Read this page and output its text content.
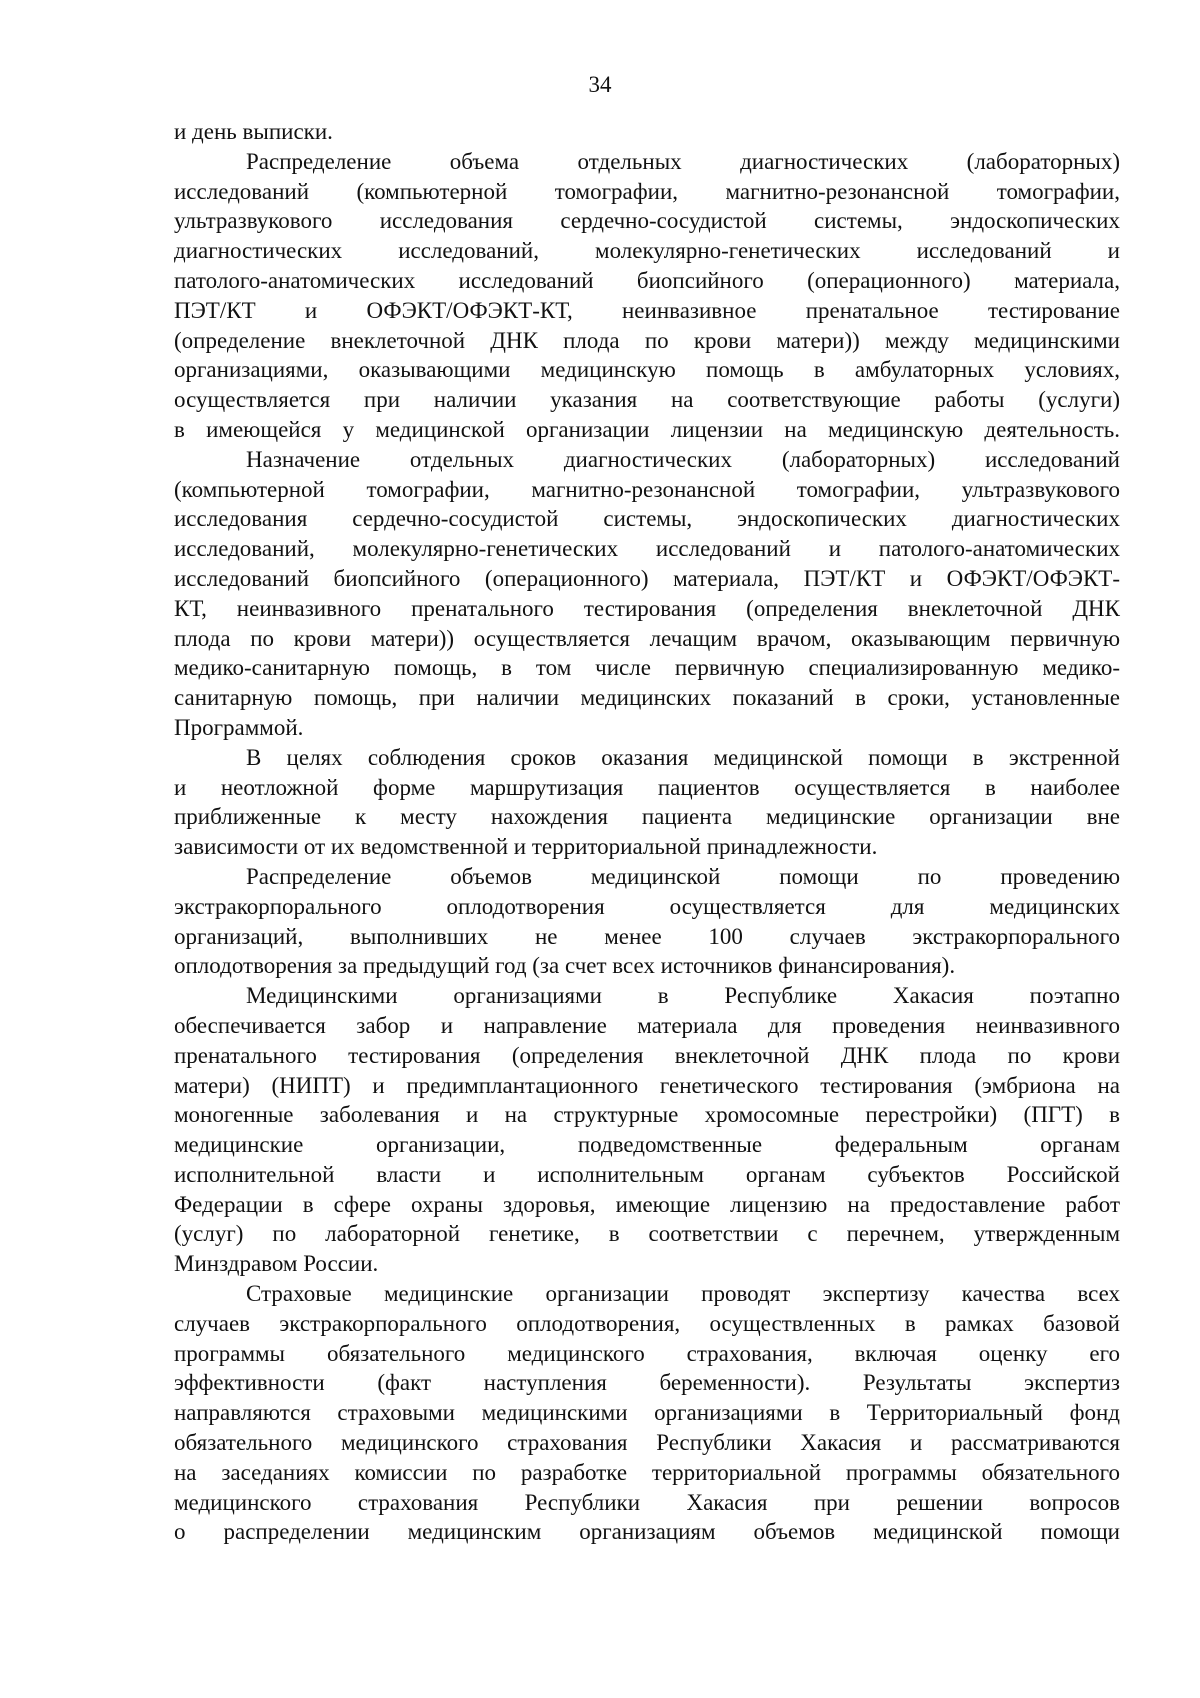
34
и день выписки.
Распределение объема отдельных диагностических (лабораторных)
исследований (компьютерной томографии, магнитно-резонансной томографии,
ультразвукового исследования сердечно-сосудистой системы, эндоскопических
диагностических исследований, молекулярно-генетических исследований и
патолого-анатомических исследований биопсийного (операционного) материала,
ПЭТ/КТ и ОФЭКТ/ОФЭКТ-КТ, неинвазивное пренатальное тестирование
(определение внеклеточной ДНК плода по крови матери)) между медицинскими
организациями, оказывающими медицинскую помощь в амбулаторных условиях,
осуществляется при наличии указания на соответствующие работы (услуги)
в имеющейся у медицинской организации лицензии на медицинскую деятельность.
Назначение отдельных диагностических (лабораторных) исследований
(компьютерной томографии, магнитно-резонансной томографии, ультразвукового
исследования сердечно-сосудистой системы, эндоскопических диагностических
исследований, молекулярно-генетических исследований и патолого-анатомических
исследований биопсийного (операционного) материала, ПЭТ/КТ и ОФЭКТ/ОФЭКТ-
КТ, неинвазивного пренатального тестирования (определения внеклеточной ДНК
плода по крови матери)) осуществляется лечащим врачом, оказывающим первичную
медико-санитарную помощь, в том числе первичную специализированную медико-
санитарную помощь, при наличии медицинских показаний в сроки, установленные
Программой.
В целях соблюдения сроков оказания медицинской помощи в экстренной
и неотложной форме маршрутизация пациентов осуществляется в наиболее
приближенные к месту нахождения пациента медицинские организации вне
зависимости от их ведомственной и территориальной принадлежности.
Распределение объемов медицинской помощи по проведению
экстракорпорального оплодотворения осуществляется для медицинских
организаций, выполнивших не менее 100 случаев экстракорпорального
оплодотворения за предыдущий год (за счет всех источников финансирования).
Медицинскими организациями в Республике Хакасия поэтапно
обеспечивается забор и направление материала для проведения неинвазивного
пренатального тестирования (определения внеклеточной ДНК плода по крови
матери) (НИПТ) и предимплантационного генетического тестирования (эмбриона на
моногенные заболевания и на структурные хромосомные перестройки) (ПГТ) в
медицинские организации, подведомственные федеральным органам
исполнительной власти и исполнительным органам субъектов Российской
Федерации в сфере охраны здоровья, имеющие лицензию на предоставление работ
(услуг) по лабораторной генетике, в соответствии с перечнем, утвержденным
Минздравом России.
Страховые медицинские организации проводят экспертизу качества всех
случаев экстракорпорального оплодотворения, осуществленных в рамках базовой
программы обязательного медицинского страхования, включая оценку его
эффективности (факт наступления беременности). Результаты экспертиз
направляются страховыми медицинскими организациями в Территориальный фонд
обязательного медицинского страхования Республики Хакасия и рассматриваются
на заседаниях комиссии по разработке территориальной программы обязательного
медицинского страхования Республики Хакасия при решении вопросов
о распределении медицинским организациям объемов медицинской помощи
